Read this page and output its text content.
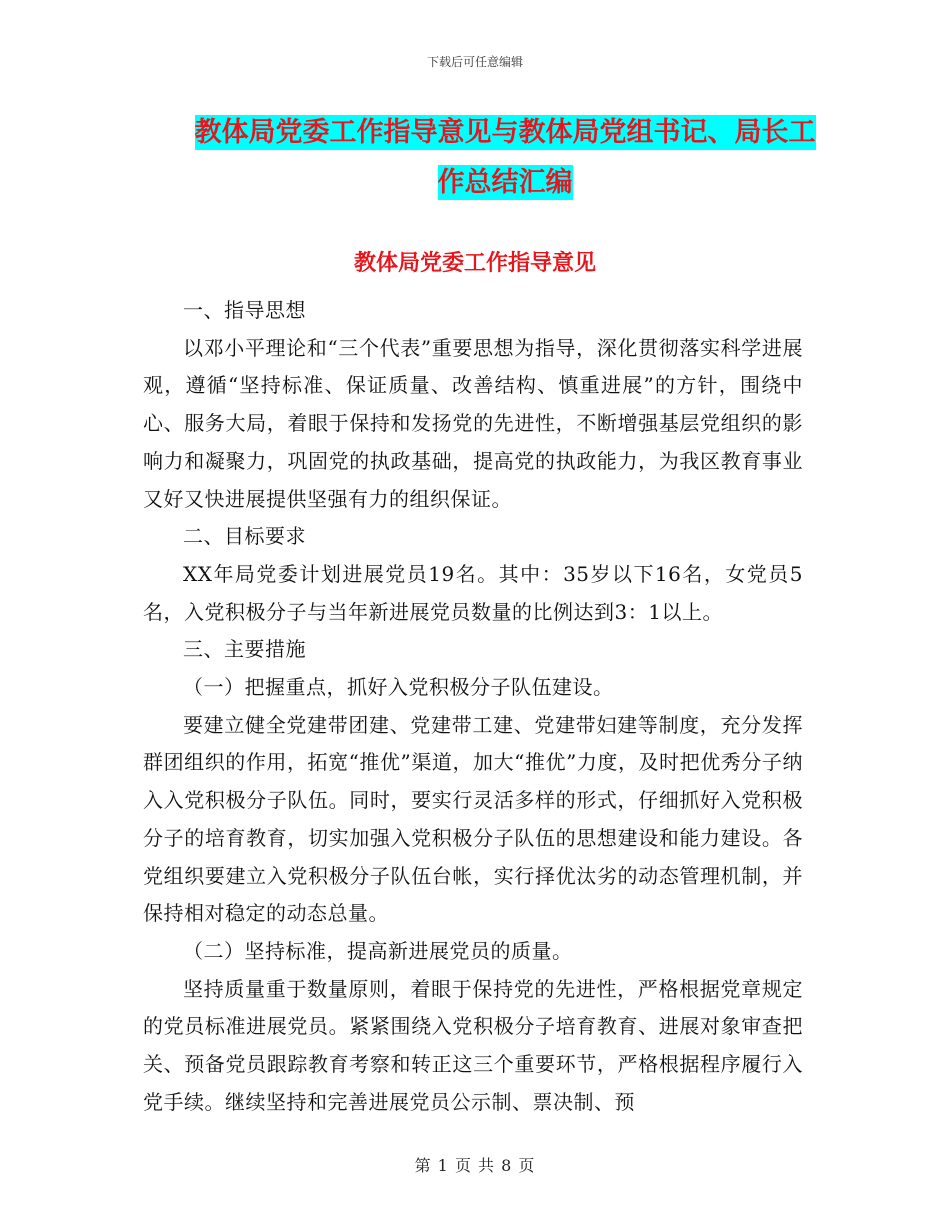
下载后可任意编辑
教体局党委工作指导意见与教体局党组书记、局长工
作总结汇编
教体局党委工作指导意见

一、指导思想

以邓小平理论和“三个代表”重要思想为指导，深化贯彻落实科学进展观，遵循“坚持标准、保证质量、改善结构、慎重进展”的方针，围绕中心、服务大局，着眼于保持和发扬党的先进性，不断增强基层党组织的影响力和凝聚力，巩固党的执政基础，提高党的执政能力，为我区教育事业又好又快进展提供坚强有力的组织保证。

二、目标要求

XX年局党委计划进展党员19名。其中：35岁以下16名，女党员5名，入党积极分子与当年新进展党员数量的比例达到3：1以上。

三、主要措施

（一）把握重点，抓好入党积极分子队伍建设。

要建立健全党建带团建、党建带工建、党建带妇建等制度，充分发挥群团组织的作用，拓宽“推优”渠道，加大“推优”力度，及时把优秀分子纳入入党积极分子队伍。同时，要实行灵活多样的形式，仔细抓好入党积极分子的培育教育，切实加强入党积极分子队伍的思想建设和能力建设。各党组织要建立入党积极分子队伍台帐，实行择优汰劣的动态管理机制，并保持相对稳定的动态总量。

（二）坚持标准，提高新进展党员的质量。

坚持质量重于数量原则，着眼于保持党的先进性，严格根据党章规定的党员标准进展党员。紧紧围绕入党积极分子培育教育、进展对象审查把关、预备党员跟踪教育考察和转正这三个重要环节，严格根据程序履行入党手续。继续坚持和完善进展党员公示制、票决制、预

第 1 页 共 8 页
